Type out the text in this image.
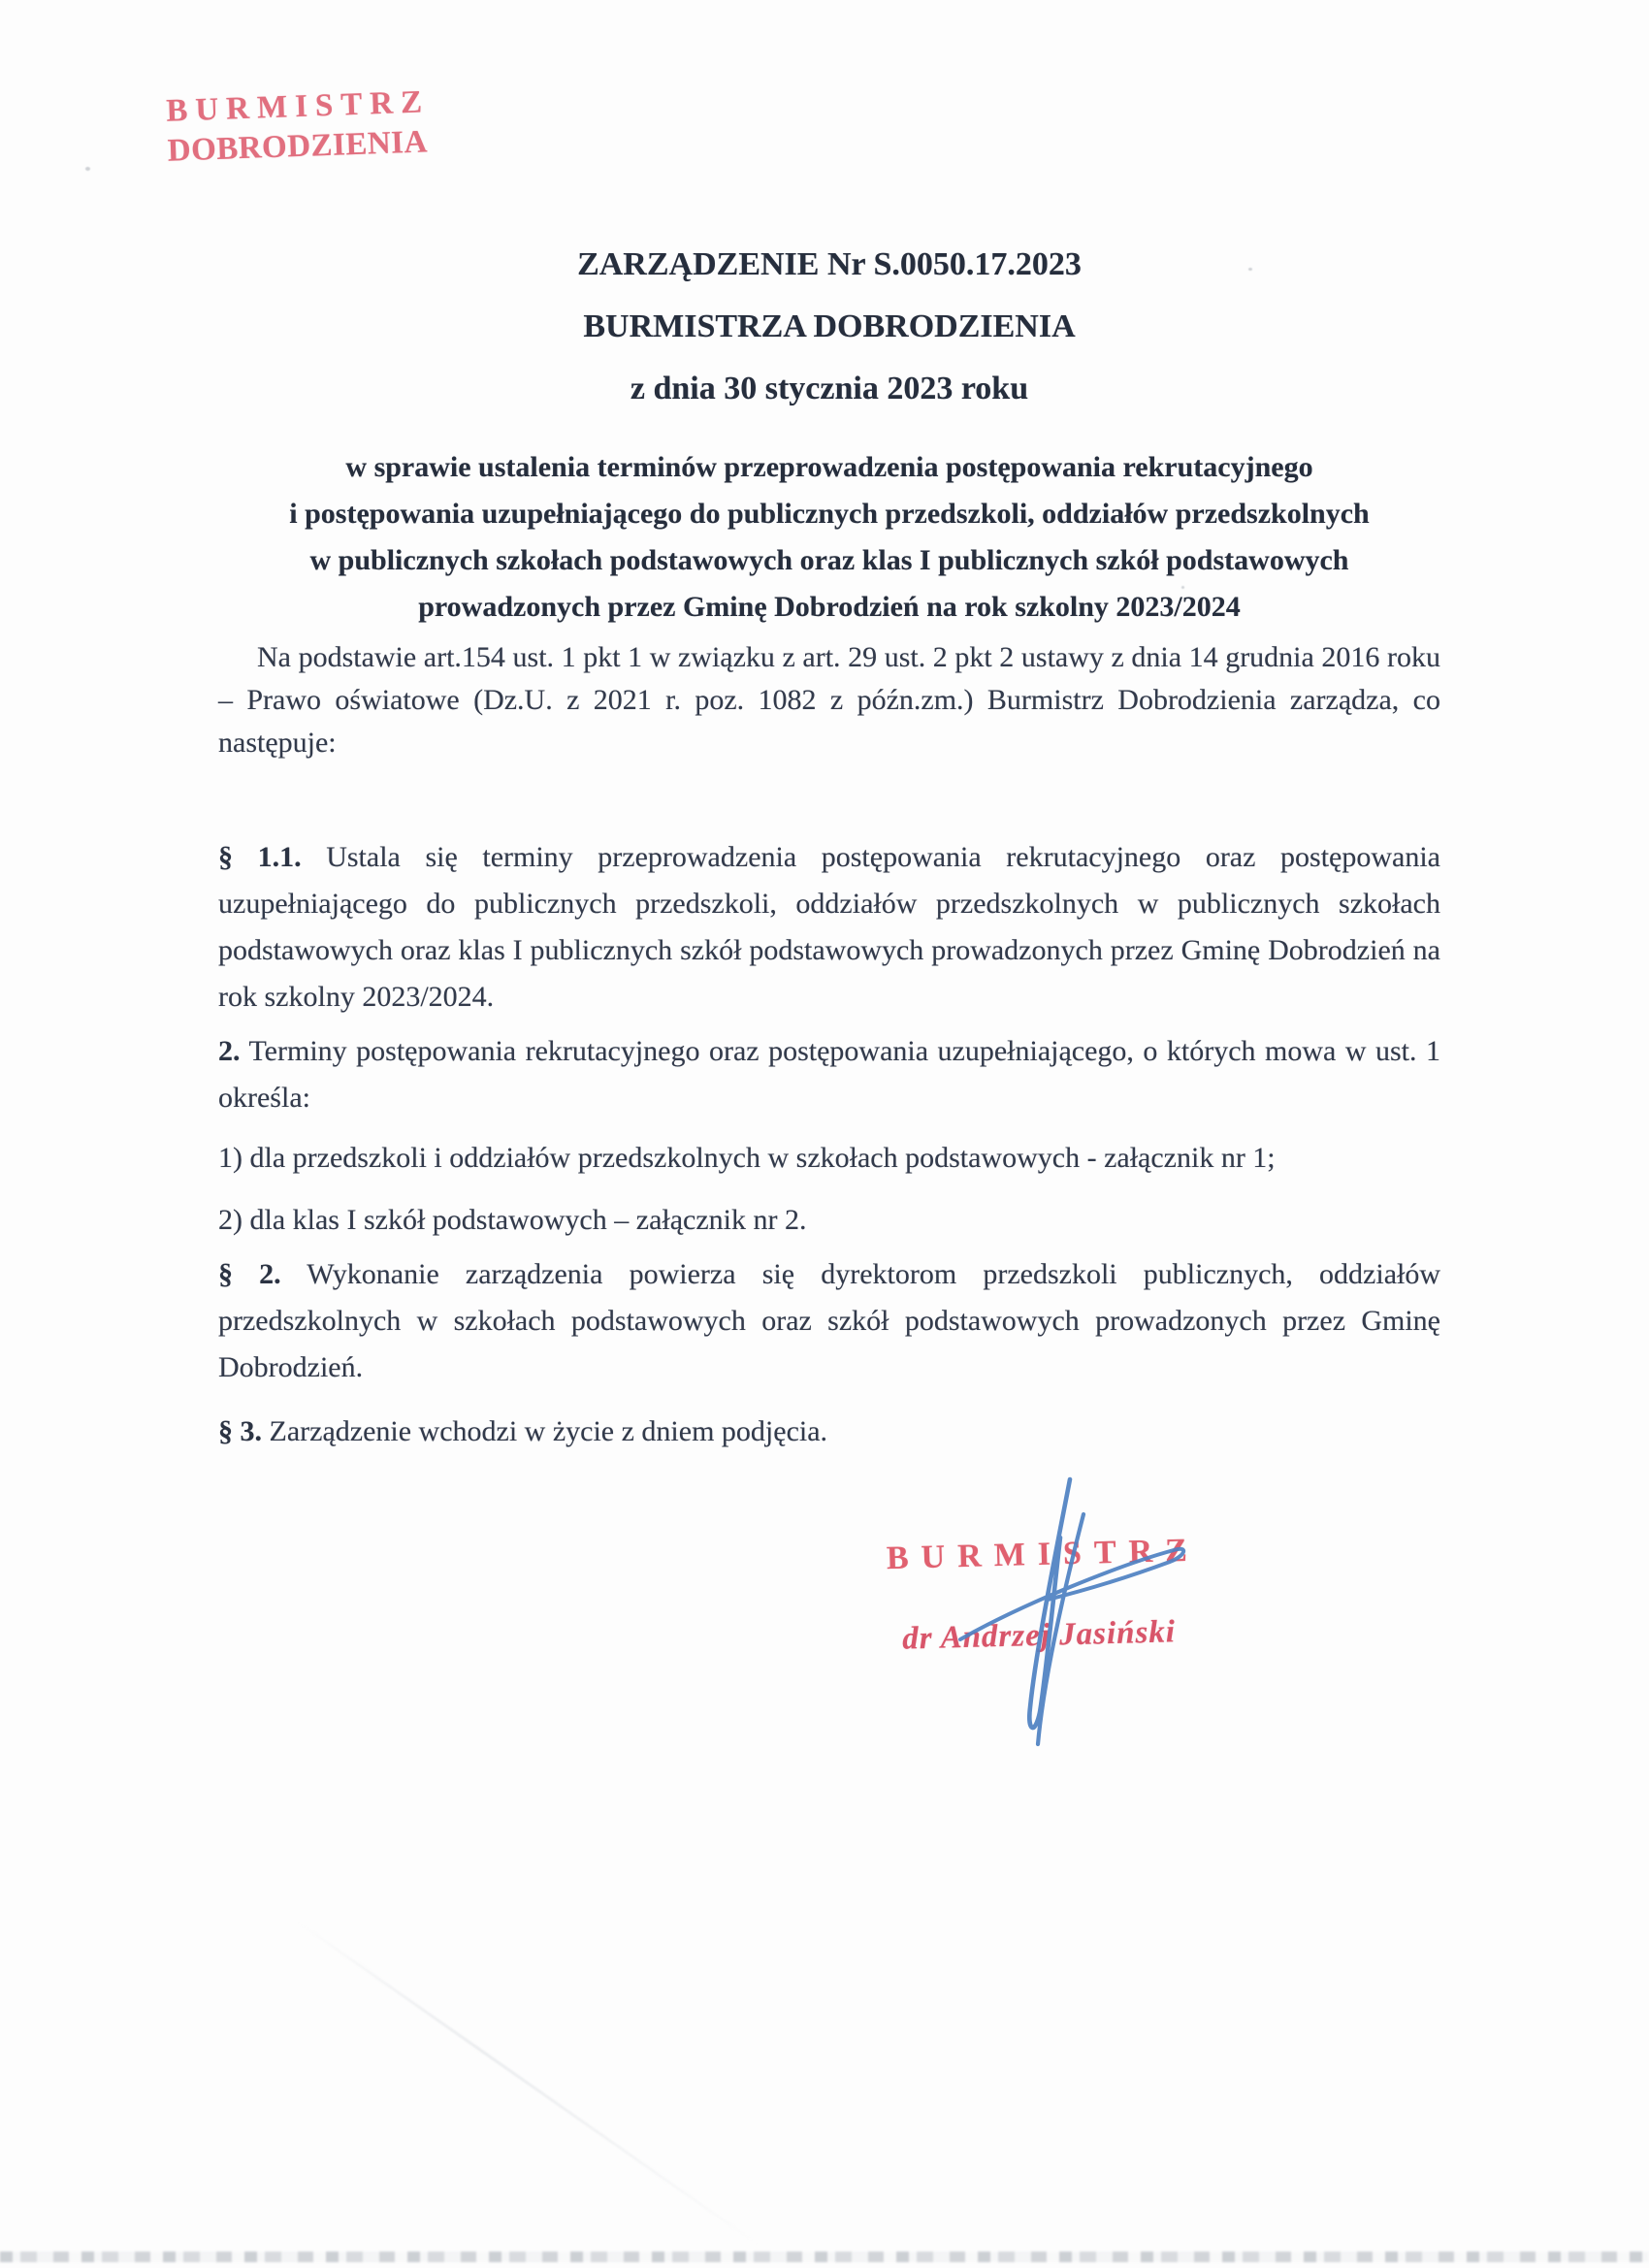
BURMISTRZ
DOBRODZIENIA

ZARZĄDZENIE Nr S.0050.17.2023

BURMISTRZA DOBRODZIENIA

z dnia 30 stycznia 2023 roku

w sprawie ustalenia terminów przeprowadzenia postępowania rekrutacyjnego

i postępowania uzupełniającego do publicznych przedszkoli, oddziałów przedszkolnych

w publicznych szkołach podstawowych oraz klas I publicznych szkół podstawowych

prowadzonych przez Gminę Dobrodzień na rok szkolny 2023/2024

Na podstawie art.154 ust. 1 pkt 1 w związku z art. 29 ust. 2 pkt 2 ustawy z dnia 14 grudnia 2016 roku – Prawo oświatowe (Dz.U. z 2021 r. poz. 1082 z późn.zm.) Burmistrz Dobrodzienia zarządza, co następuje:

§ 1.1. Ustala się terminy przeprowadzenia postępowania rekrutacyjnego oraz postępowania uzupełniającego do publicznych przedszkoli, oddziałów przedszkolnych w publicznych szkołach podstawowych oraz klas I publicznych szkół podstawowych prowadzonych przez Gminę Dobrodzień na rok szkolny 2023/2024.

2. Terminy postępowania rekrutacyjnego oraz postępowania uzupełniającego, o których mowa w ust. 1 określa:

1) dla przedszkoli i oddziałów przedszkolnych w szkołach podstawowych - załącznik nr 1;

2) dla klas I szkół podstawowych – załącznik nr 2.

§ 2. Wykonanie zarządzenia powierza się dyrektorom przedszkoli publicznych, oddziałów przedszkolnych w szkołach podstawowych oraz szkół podstawowych prowadzonych przez Gminę Dobrodzień.

§ 3. Zarządzenie wchodzi w życie z dniem podjęcia.

BURMISTRZ
dr Andrzej Jasiński
